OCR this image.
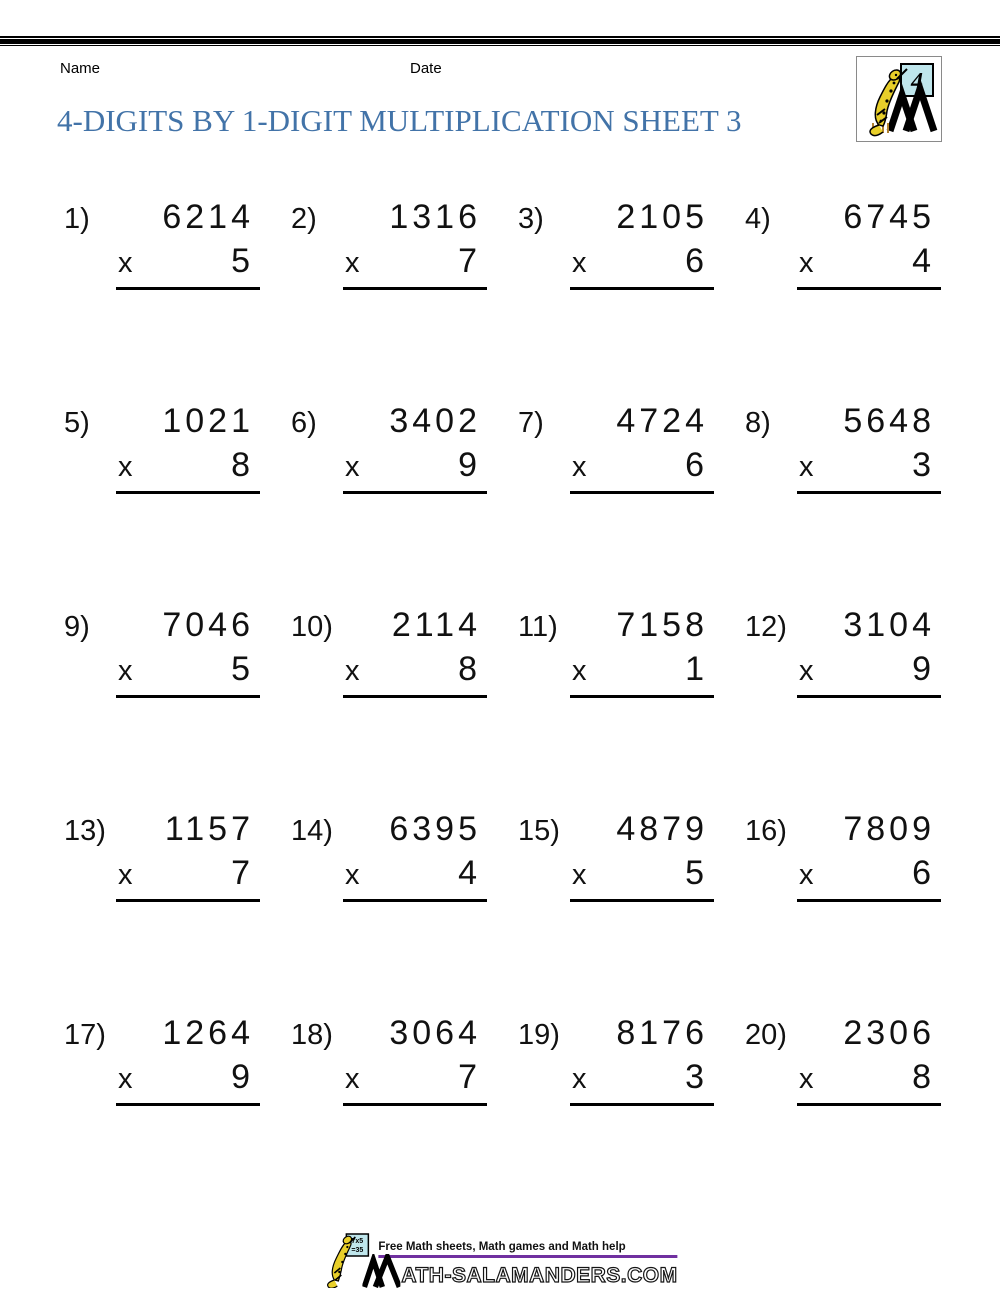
Name	Date
4
4-DIGITS BY 1-DIGIT MULTIPLICATION SHEET 3
1) 6214
x	5
2) 1316
x	7
3) 2105
x	6
4) 6745
x	4
5) 1021
x	8
6) 3402
x	9
7) 4724
x	6
8) 5648
x	3
9) 7046
x	5
10) 2114
x	8
11) 7158
x	1
12) 3104
x	9
13) 1157
x	7
14) 6395
x	4
15) 4879
x	5
16) 7809
x	6
17) 1264
x	9
18) 3064
x	7
19) 8176
x	3
20) 2306
x	8
7x5
=35	Free Math sheets, Math games and Math help
ATH-SALAMANDERS.COM
